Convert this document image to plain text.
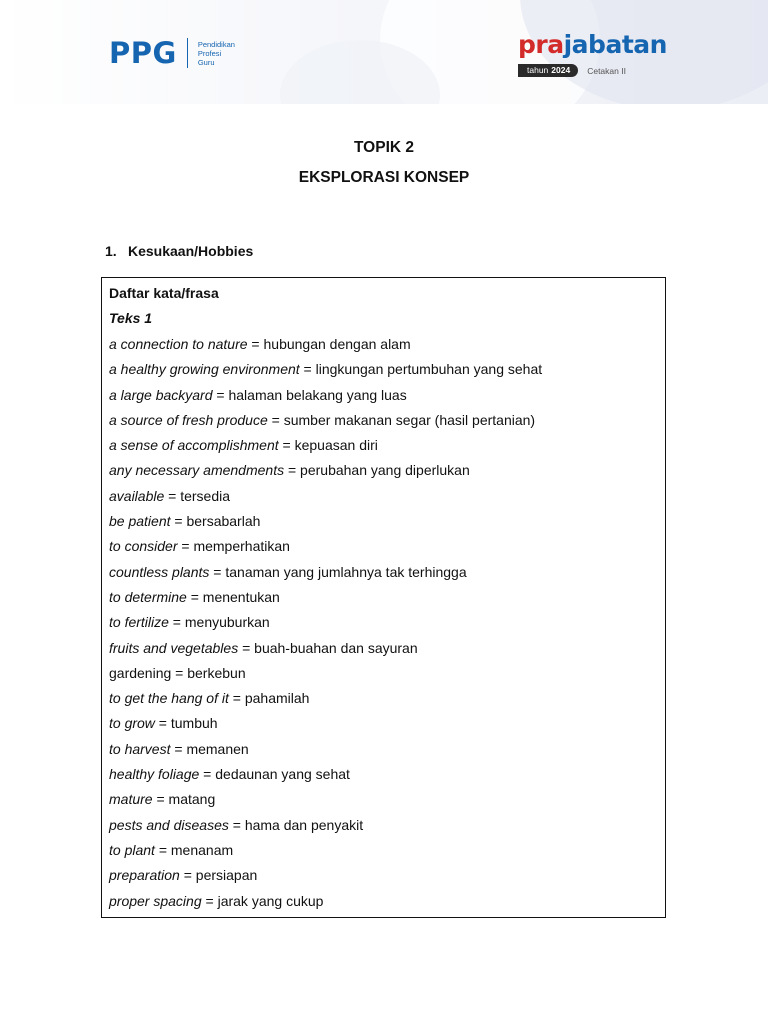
PPG	Pendidikan
Profesi
Guru
prajabatan
tahun 2024	Cetakan II
TOPIK 2
EKSPLORASI KONSEP
1. Kesukaan/Hobbies
Daftar kata/frasa
Teks 1
a connection to nature = hubungan dengan alam
a healthy growing environment = lingkungan pertumbuhan yang sehat
a large backyard = halaman belakang yang luas
a source of fresh produce = sumber makanan segar (hasil pertanian)
a sense of accomplishment = kepuasan diri
any necessary amendments = perubahan yang diperlukan
available = tersedia
be patient = bersabarlah
to consider = memperhatikan
countless plants = tanaman yang jumlahnya tak terhingga
to determine = menentukan
to fertilize = menyuburkan
fruits and vegetables = buah-buahan dan sayuran
gardening = berkebun
to get the hang of it = pahamilah
to grow = tumbuh
to harvest = memanen
healthy foliage = dedaunan yang sehat
mature = matang
pests and diseases = hama dan penyakit
to plant = menanam
preparation = persiapan
proper spacing = jarak yang cukup
